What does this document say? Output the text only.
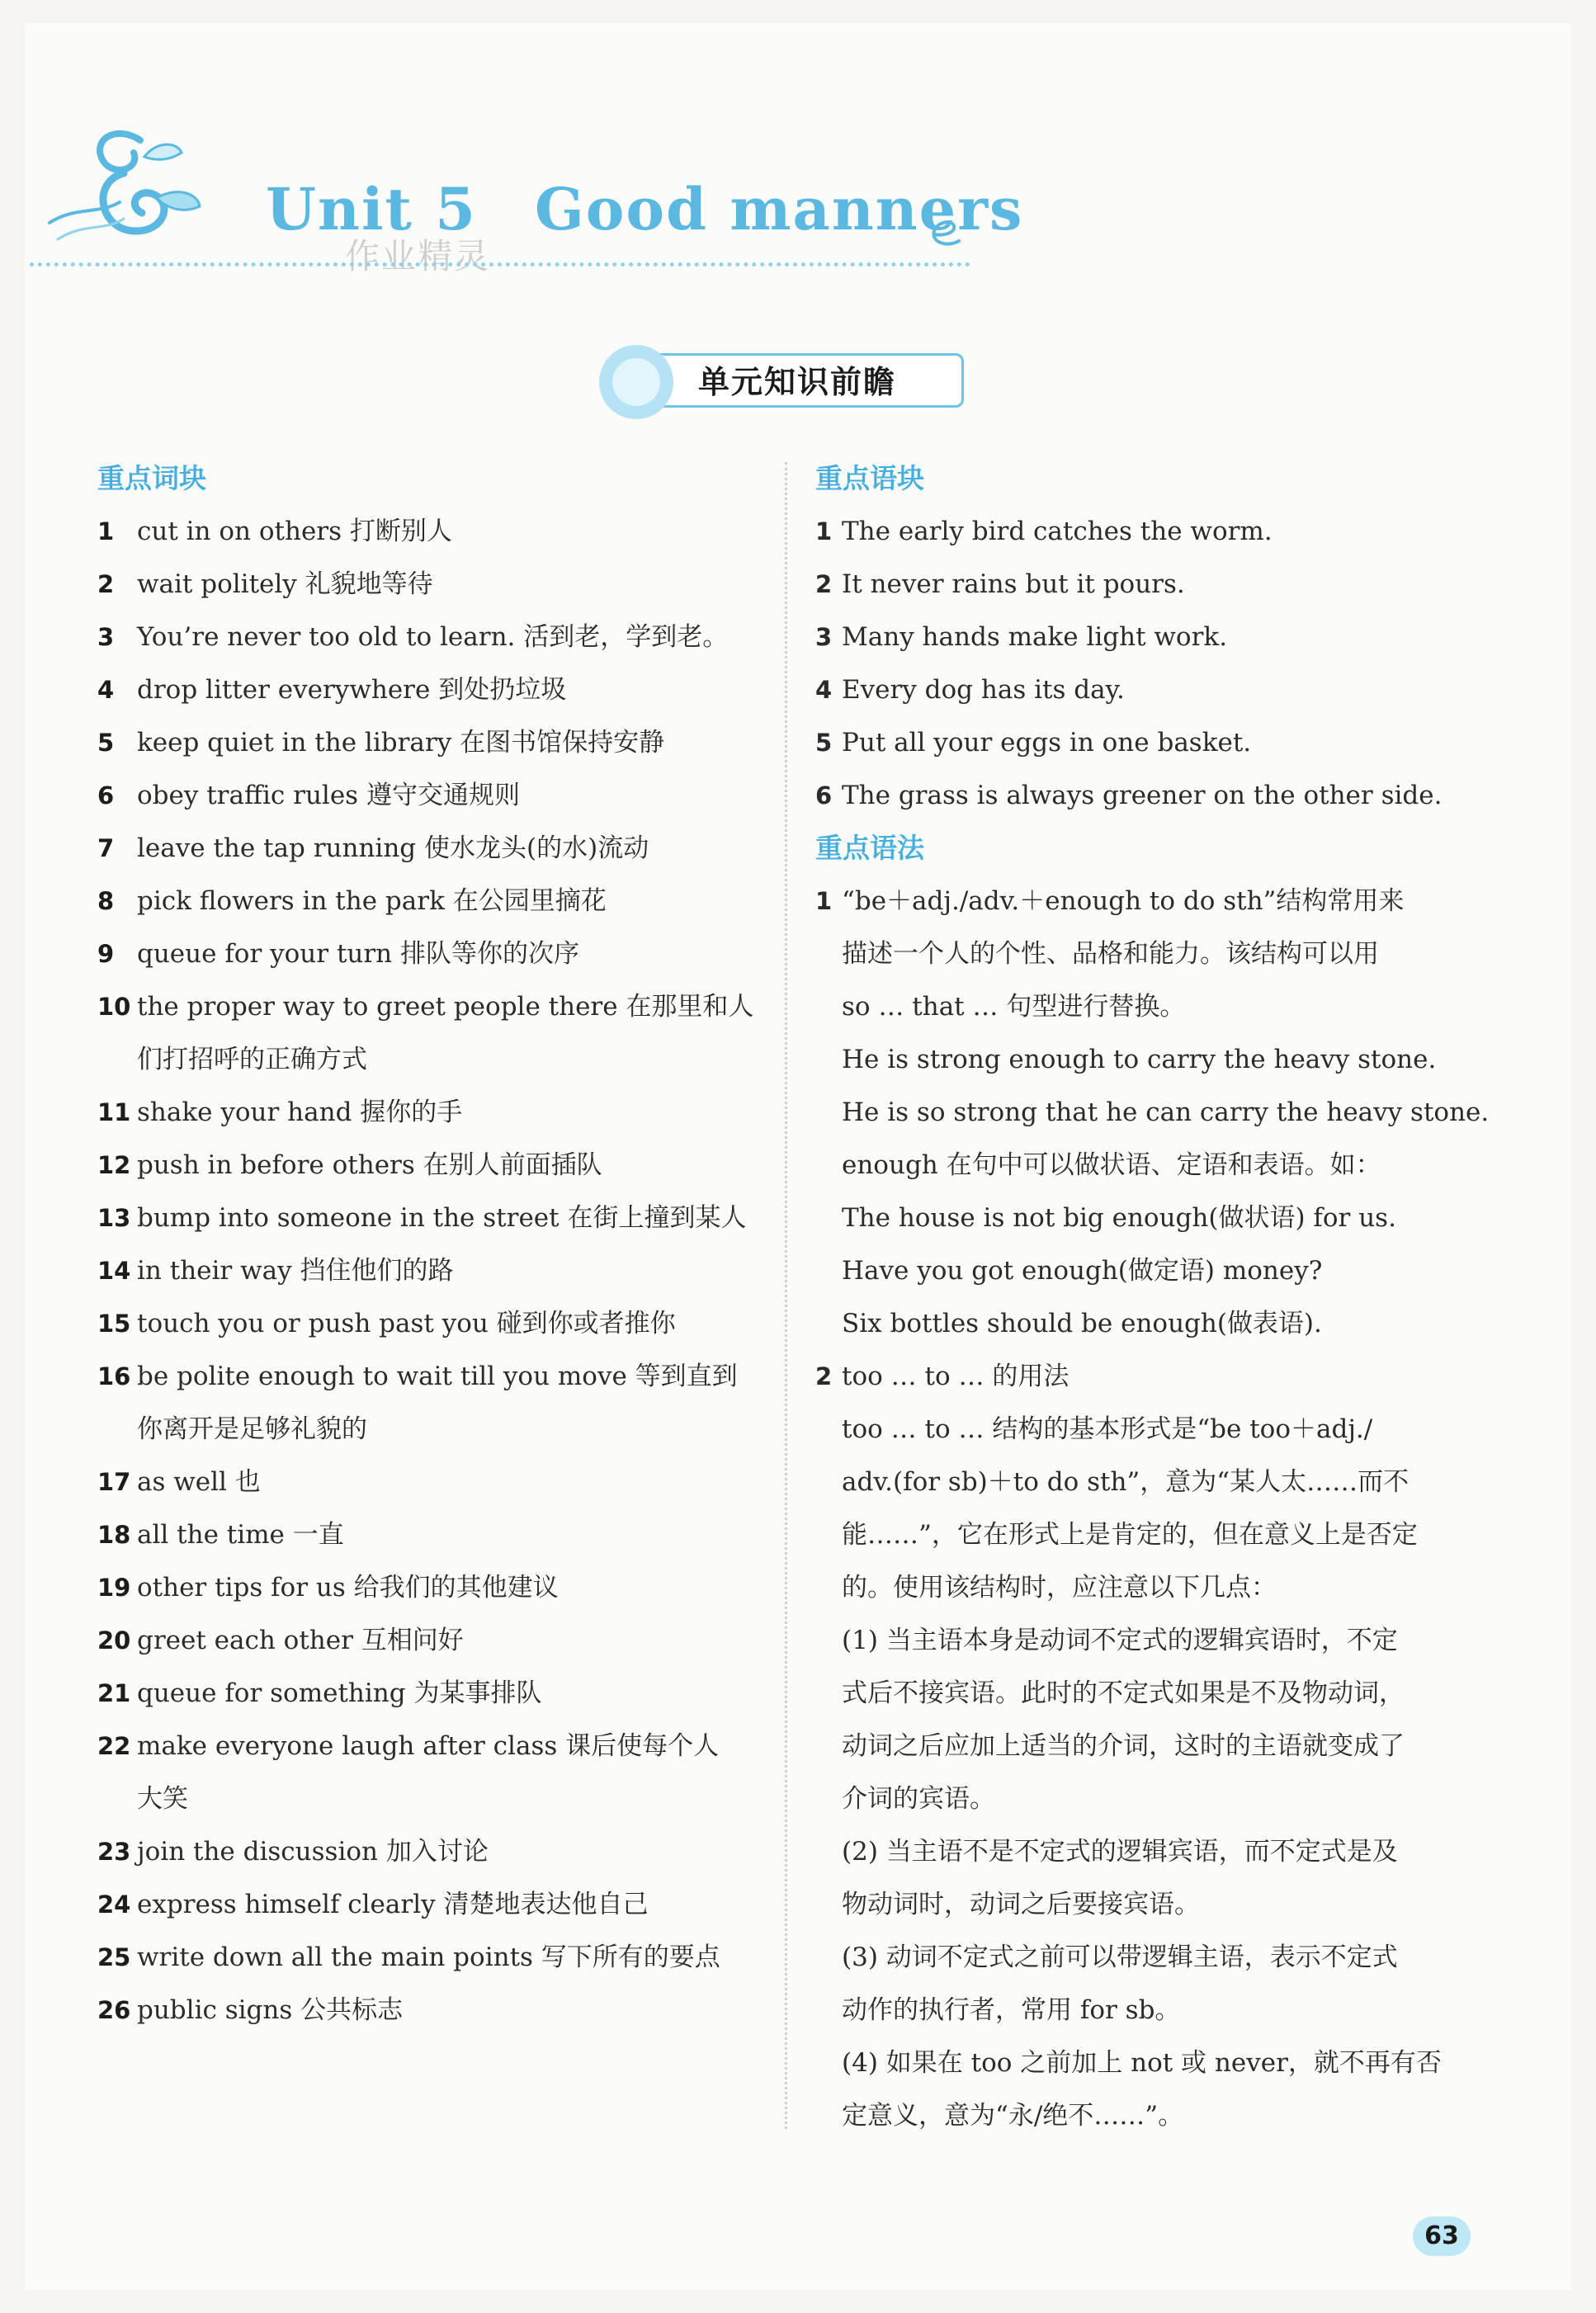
Unit 5 Good manners
作业精灵
单元知识前瞻
重点词块
1 cut in on others 打断别人
2 wait politely 礼貌地等待
3 You’re never too old to learn. 活到老，学到老。
4 drop litter everywhere 到处扔垃圾
5 keep quiet in the library 在图书馆保持安静
6 obey traffic rules 遵守交通规则
7 leave the tap running 使水龙头(的水)流动
8 pick flowers in the park 在公园里摘花
9 queue for your turn 排队等你的次序
10 the proper way to greet people there 在那里和人
们打招呼的正确方式
11 shake your hand 握你的手
12 push in before others 在别人前面插队
13 bump into someone in the street 在街上撞到某人
14 in their way 挡住他们的路
15 touch you or push past you 碰到你或者推你
16 be polite enough to wait till you move 等到直到
你离开是足够礼貌的
17 as well 也
18 all the time 一直
19 other tips for us 给我们的其他建议
20 greet each other 互相问好
21 queue for something 为某事排队
22 make everyone laugh after class 课后使每个人
大笑
23 join the discussion 加入讨论
24 express himself clearly 清楚地表达他自己
25 write down all the main points 写下所有的要点
26 public signs 公共标志
重点语块
1 The early bird catches the worm.
2 It never rains but it pours.
3 Many hands make light work.
4 Every dog has its day.
5 Put all your eggs in one basket.
6 The grass is always greener on the other side.
重点语法
1 “be＋adj./adv.＋enough to do sth”结构常用来
描述一个人的个性、品格和能力。该结构可以用
so … that … 句型进行替换。
He is strong enough to carry the heavy stone.
He is so strong that he can carry the heavy stone.
enough 在句中可以做状语、定语和表语。如：
The house is not big enough(做状语) for us.
Have you got enough(做定语) money?
Six bottles should be enough(做表语).
2 too … to … 的用法
too … to … 结构的基本形式是“be too＋adj./
adv.(for sb)＋to do sth”，意为“某人太……而不
能……”，它在形式上是肯定的，但在意义上是否定
的。使用该结构时，应注意以下几点：
(1) 当主语本身是动词不定式的逻辑宾语时，不定
式后不接宾语。此时的不定式如果是不及物动词，
动词之后应加上适当的介词，这时的主语就变成了
介词的宾语。
(2) 当主语不是不定式的逻辑宾语，而不定式是及
物动词时，动词之后要接宾语。
(3) 动词不定式之前可以带逻辑主语，表示不定式
动作的执行者，常用 for sb。
(4) 如果在 too 之前加上 not 或 never，就不再有否
定意义，意为“永/绝不……”。
63
